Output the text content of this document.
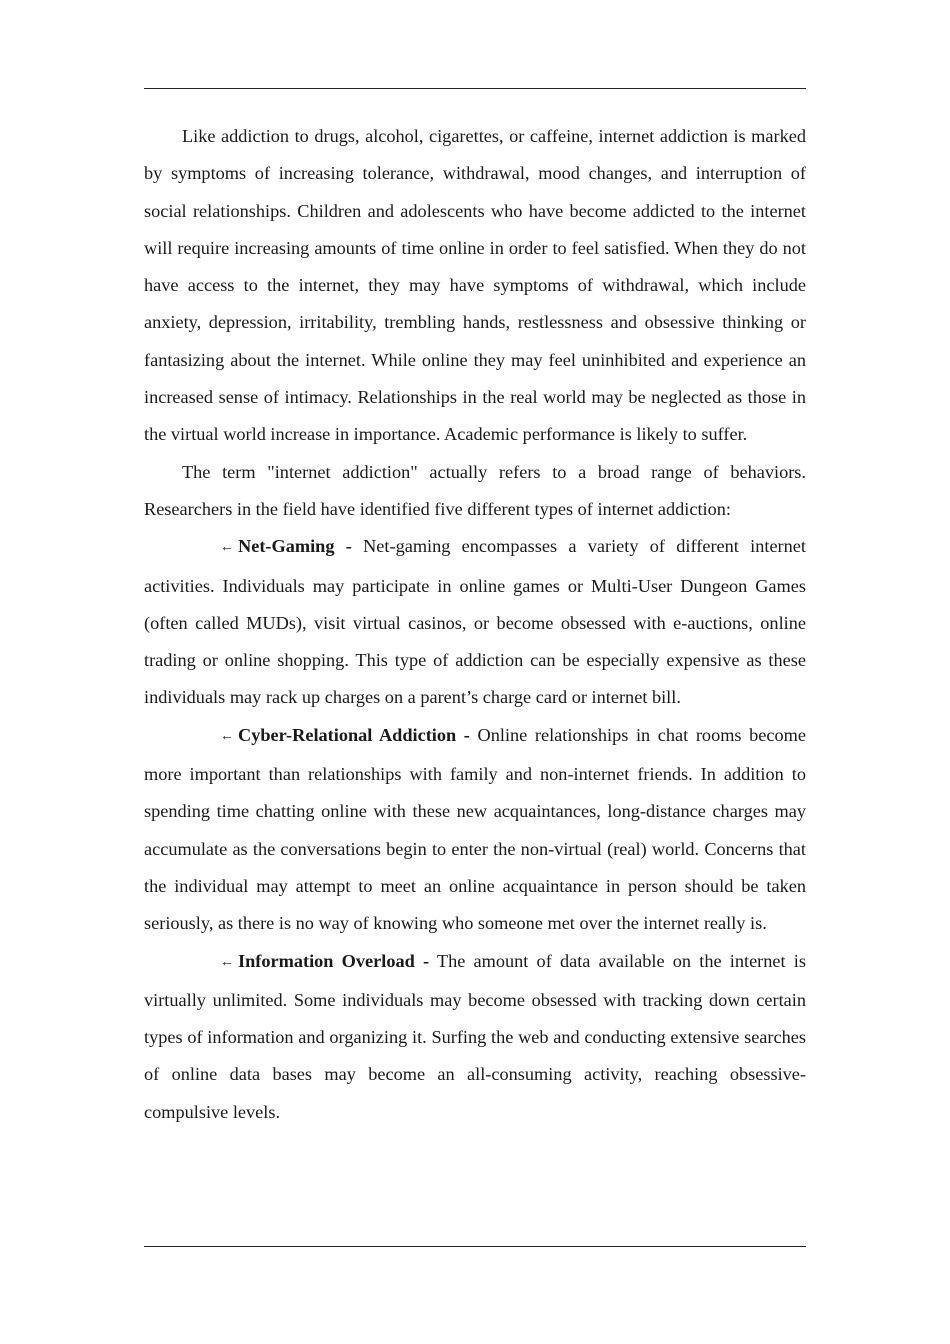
Like addiction to drugs, alcohol, cigarettes, or caffeine, internet addiction is marked by symptoms of increasing tolerance, withdrawal, mood changes, and interruption of social relationships. Children and adolescents who have become addicted to the internet will require increasing amounts of time online in order to feel satisfied. When they do not have access to the internet, they may have symptoms of withdrawal, which include anxiety, depression, irritability, trembling hands, restlessness and obsessive thinking or fantasizing about the internet. While online they may feel uninhibited and experience an increased sense of intimacy. Relationships in the real world may be neglected as those in the virtual world increase in importance. Academic performance is likely to suffer.

The term "internet addiction" actually refers to a broad range of behaviors. Researchers in the field have identified five different types of internet addiction:

← Net-Gaming - Net-gaming encompasses a variety of different internet activities. Individuals may participate in online games or Multi-User Dungeon Games (often called MUDs), visit virtual casinos, or become obsessed with e-auctions, online trading or online shopping. This type of addiction can be especially expensive as these individuals may rack up charges on a parent’s charge card or internet bill.

← Cyber-Relational Addiction - Online relationships in chat rooms become more important than relationships with family and non-internet friends. In addition to spending time chatting online with these new acquaintances, long-distance charges may accumulate as the conversations begin to enter the non-virtual (real) world. Concerns that the individual may attempt to meet an online acquaintance in person should be taken seriously, as there is no way of knowing who someone met over the internet really is.

← Information Overload - The amount of data available on the internet is virtually unlimited. Some individuals may become obsessed with tracking down certain types of information and organizing it. Surfing the web and conducting extensive searches of online data bases may become an all-consuming activity, reaching obsessive-compulsive levels.
